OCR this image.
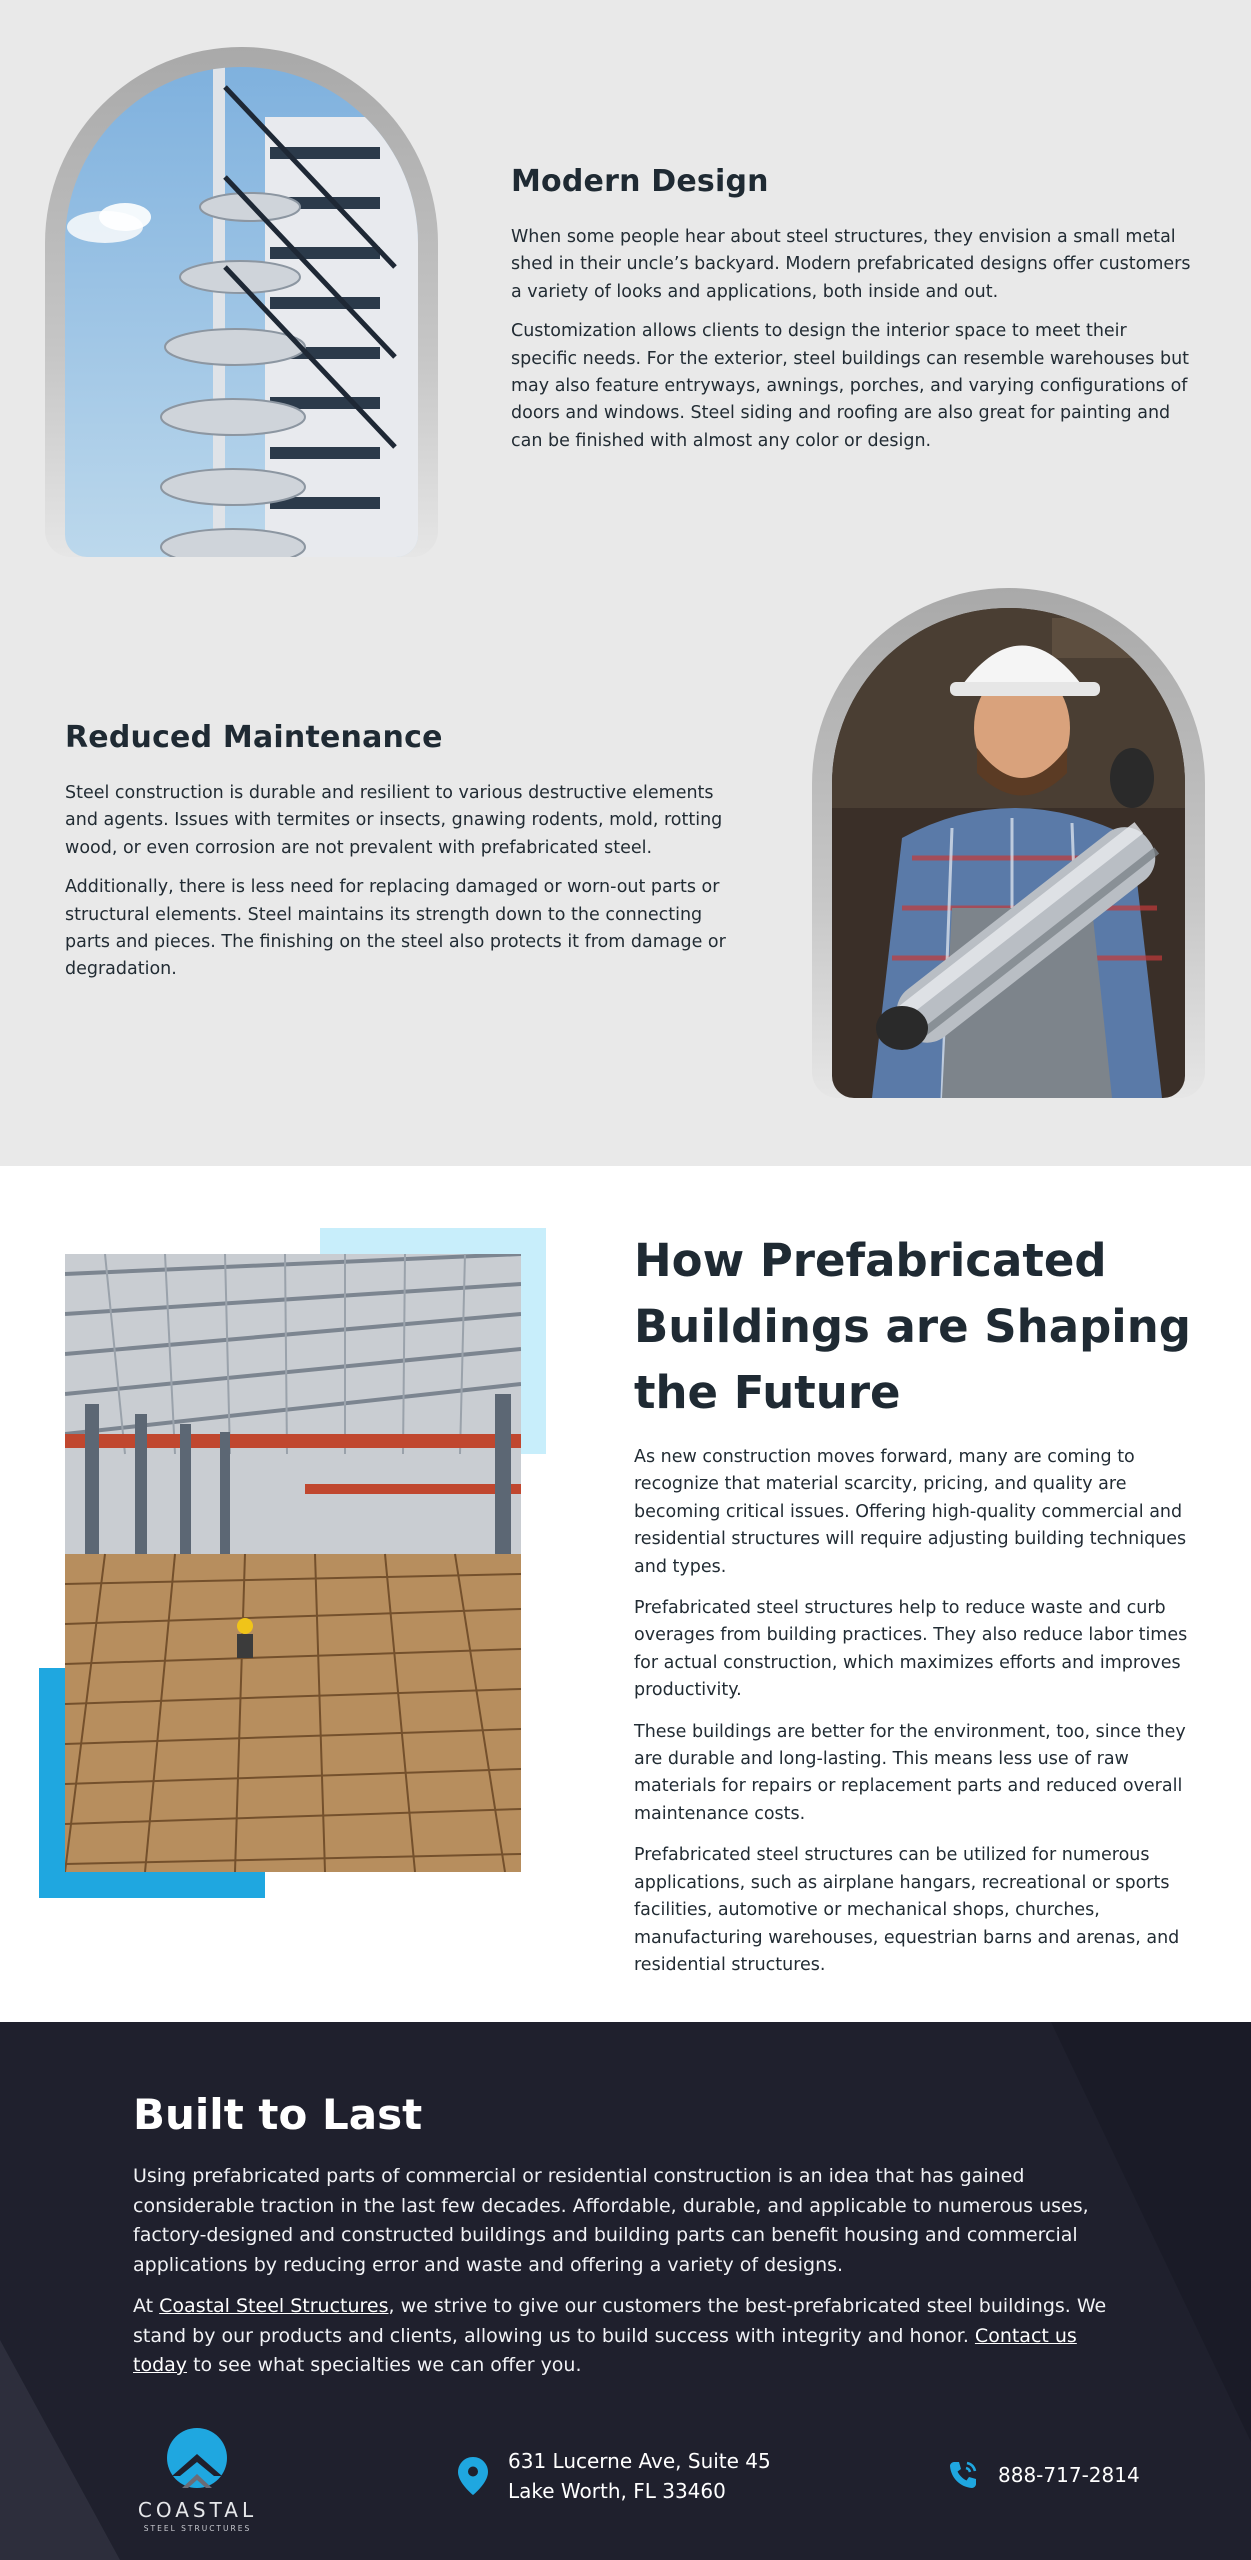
Modern Design

When some people hear about steel structures, they envision a small metal shed in their uncle’s backyard. Modern prefabricated designs offer customers a variety of looks and applications, both inside and out.

Customization allows clients to design the interior space to meet their specific needs. For the exterior, steel buildings can resemble warehouses but may also feature entryways, awnings, porches, and varying configurations of doors and windows. Steel siding and roofing are also great for painting and can be finished with almost any color or design.

Reduced Maintenance

Steel construction is durable and resilient to various destructive elements and agents. Issues with termites or insects, gnawing rodents, mold, rotting wood, or even corrosion are not prevalent with prefabricated steel.

Additionally, there is less need for replacing damaged or worn-out parts or structural elements. Steel maintains its strength down to the connecting parts and pieces. The finishing on the steel also protects it from damage or degradation.

How Prefabricated Buildings are Shaping the Future

As new construction moves forward, many are coming to recognize that material scarcity, pricing, and quality are becoming critical issues. Offering high-quality commercial and residential structures will require adjusting building techniques and types.

Prefabricated steel structures help to reduce waste and curb overages from building practices. They also reduce labor times for actual construction, which maximizes efforts and improves productivity.

These buildings are better for the environment, too, since they are durable and long-lasting. This means less use of raw materials for repairs or replacement parts and reduced overall maintenance costs.

Prefabricated steel structures can be utilized for numerous applications, such as airplane hangars, recreational or sports facilities, automotive or mechanical shops, churches, manufacturing warehouses, equestrian barns and arenas, and residential structures.

Built to Last

Using prefabricated parts of commercial or residential construction is an idea that has gained considerable traction in the last few decades. Affordable, durable, and applicable to numerous uses, factory-designed and constructed buildings and building parts can benefit housing and commercial applications by reducing error and waste and offering a variety of designs.

At Coastal Steel Structures, we strive to give our customers the best-prefabricated steel buildings. We stand by our products and clients, allowing us to build success with integrity and honor. Contact us today to see what specialties we can offer you.

COASTAL
STEEL STRUCTURES
631 Lucerne Ave, Suite 45
Lake Worth, FL 33460
888-717-2814
